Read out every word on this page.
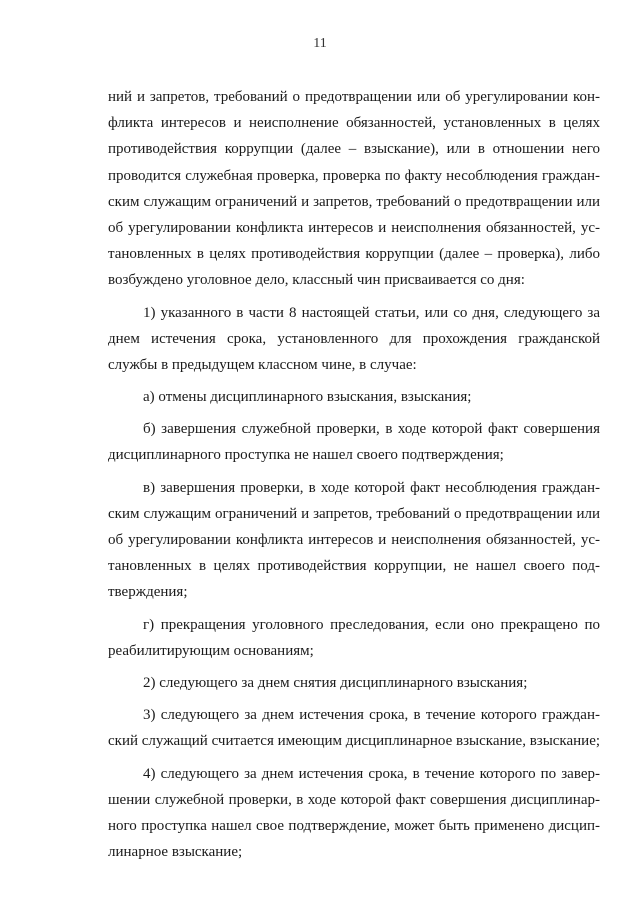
11
ний и запретов, требований о предотвращении или об урегулировании кон-
фликта интересов и неисполнение обязанностей, установленных в целях
противодействия коррупции (далее – взыскание), или в отношении него
проводится служебная проверка, проверка по факту несоблюдения граждан-
ским служащим ограничений и запретов, требований о предотвращении или
об урегулировании конфликта интересов и неисполнения обязанностей, ус-
тановленных в целях противодействия коррупции (далее – проверка), либо
возбуждено уголовное дело, классный чин присваивается со дня:
1) указанного в части 8 настоящей статьи, или со дня, следующего за
днем истечения срока, установленного для прохождения гражданской
службы в предыдущем классном чине, в случае:
а) отмены дисциплинарного взыскания, взыскания;
б) завершения служебной проверки, в ходе которой факт совершения
дисциплинарного проступка не нашел своего подтверждения;
в) завершения проверки, в ходе которой факт несоблюдения граждан-
ским служащим ограничений и запретов, требований о предотвращении или
об урегулировании конфликта интересов и неисполнения обязанностей, ус-
тановленных в целях противодействия коррупции, не нашел своего под-
тверждения;
г) прекращения уголовного преследования, если оно прекращено по
реабилитирующим основаниям;
2) следующего за днем снятия дисциплинарного взыскания;
3) следующего за днем истечения срока, в течение которого граждан-
ский служащий считается имеющим дисциплинарное взыскание, взыскание;
4) следующего за днем истечения срока, в течение которого по завер-
шении служебной проверки, в ходе которой факт совершения дисциплинар-
ного проступка нашел свое подтверждение, может быть применено дисцип-
линарное взыскание;
